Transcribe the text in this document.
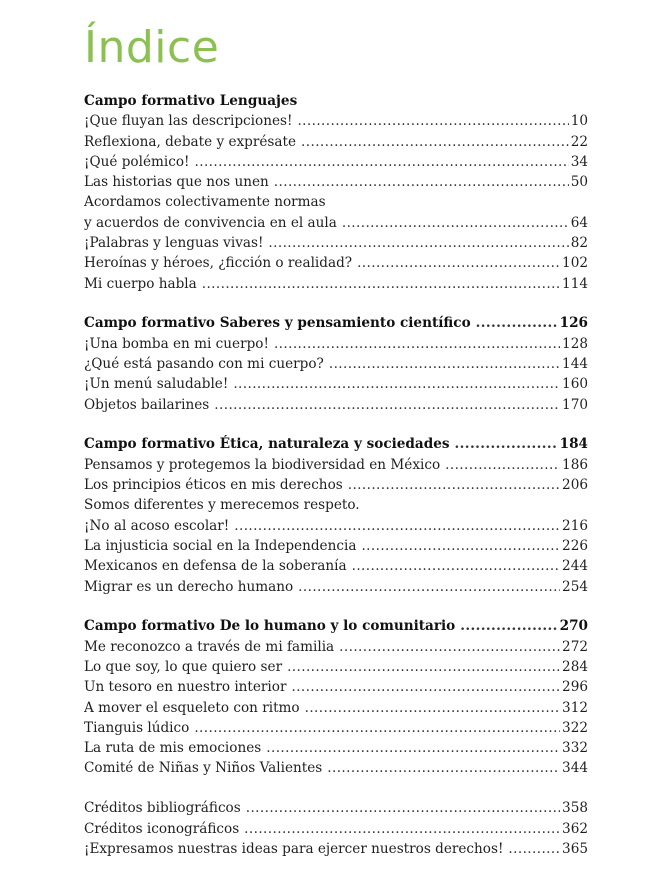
Índice
Campo formativo Lenguajes
¡Que fluyan las descripciones! .....	10
Reflexiona, debate y exprésate .....	22
¡Qué polémico! .....	34
Las historias que nos unen .....	50
Acordamos colectivamente normas
y acuerdos de convivencia en el aula .....	64
¡Palabras y lenguas vivas! .....	82
Heroínas y héroes, ¿ficción o realidad? .....	102
Mi cuerpo habla .....	114
Campo formativo Saberes y pensamiento científico .....	126
¡Una bomba en mi cuerpo! .....	128
¿Qué está pasando con mi cuerpo? .....	144
¡Un menú saludable! .....	160
Objetos bailarines .....	170
Campo formativo Ética, naturaleza y sociedades .....	184
Pensamos y protegemos la biodiversidad en México .....	186
Los principios éticos en mis derechos .....	206
Somos diferentes y merecemos respeto.
¡No al acoso escolar! .....	216
La injusticia social en la Independencia .....	226
Mexicanos en defensa de la soberanía .....	244
Migrar es un derecho humano .....	254
Campo formativo De lo humano y lo comunitario .....	270
Me reconozco a través de mi familia .....	272
Lo que soy, lo que quiero ser .....	284
Un tesoro en nuestro interior .....	296
A mover el esqueleto con ritmo .....	312
Tianguis lúdico .....	322
La ruta de mis emociones .....	332
Comité de Niñas y Niños Valientes .....	344
Créditos bibliográficos .....	358
Créditos iconográficos .....	362
¡Expresamos nuestras ideas para ejercer nuestros derechos! .....	365
